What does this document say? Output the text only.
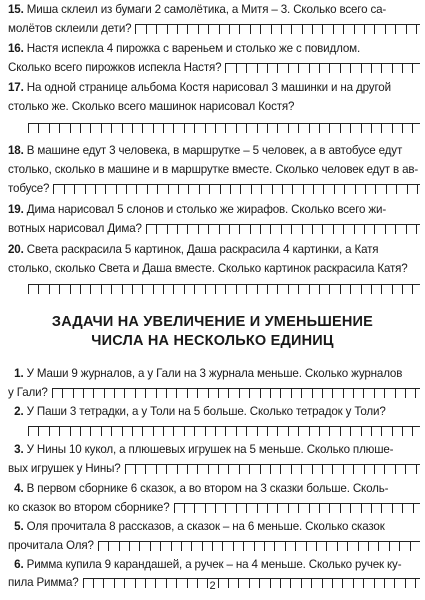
15.
Миша склеил из бумаги 2 самолётика, а Митя – 3. Сколько всего са-
молётов склеили дети?
16.
Настя испекла 4 пирожка с вареньем и столько же с повидлом.
Сколько всего пирожков испекла Настя?
17.
На одной странице альбома Костя нарисовал 3 машинки и на другой
столько же. Сколько всего машинок нарисовал Костя?
18.
В машине едут 3 человека, в маршрутке – 5 человек, а в автобусе едут
столько, сколько в машине и в маршрутке вместе. Сколько человек едут в ав-
тобусе?
19.
Дима нарисовал 5 слонов и столько же жирафов. Сколько всего жи-
вотных нарисовал Дима?
20.
Света раскрасила 5 картинок, Даша раскрасила 4 картинки, а Катя
столько, сколько Света и Даша вместе. Сколько картинок раскрасила Катя?
ЗАДАЧИ НА УВЕЛИЧЕНИЕ И УМЕНЬШЕНИЕ
ЧИСЛА НА НЕСКОЛЬКО ЕДИНИЦ

1.
У Маши 9 журналов, а у Гали на 3 журнала меньше. Сколько журналов
у Гали?

2.
У Паши 3 тетрадки, а у Толи на 5 больше. Сколько тетрадок у Толи?

3.
У Нины 10 кукол, а плюшевых игрушек на 5 меньше. Сколько плюше-
вых игрушек у Нины?

4.
В первом сборнике 6 сказок, а во втором на 3 сказки больше. Сколь-
ко сказок во втором сборнике?

5.
Оля прочитала 8 рассказов, а сказок – на 6 меньше. Сколько сказок
прочитала Оля?

6.
Римма купила 9 карандашей, а ручек – на 4 меньше. Сколько ручек ку-
пила Римма?	2
